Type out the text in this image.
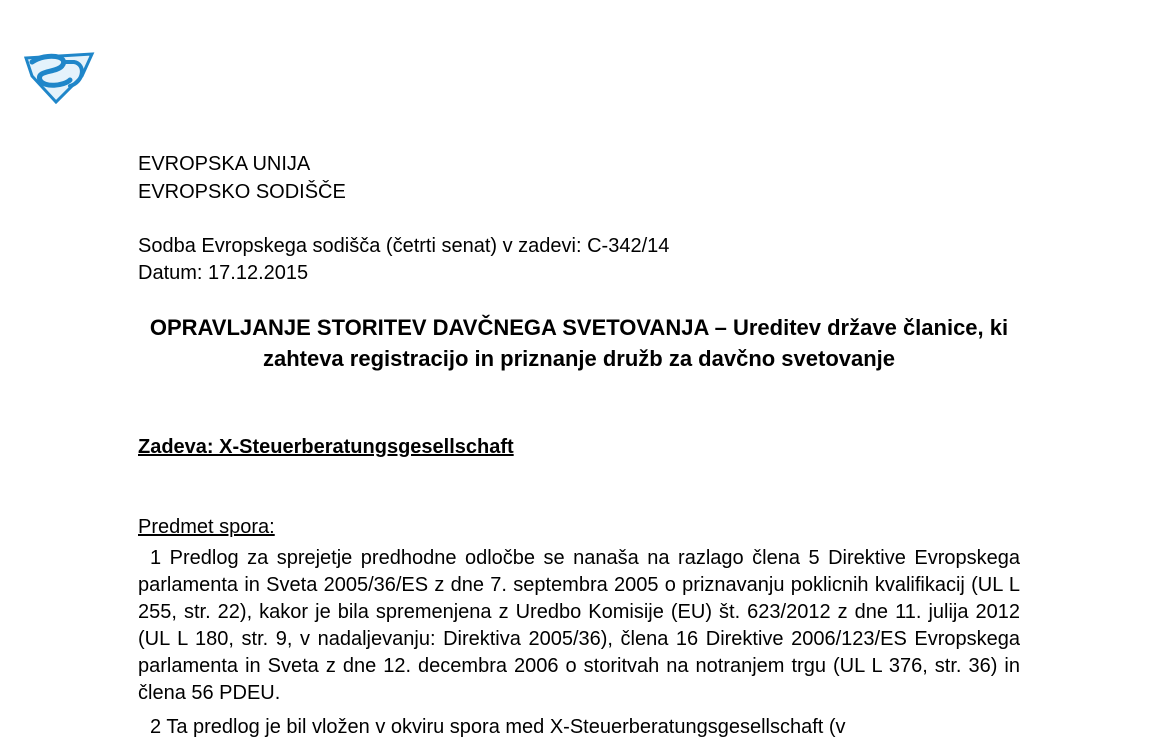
EVROPSKA UNIJA

EVROPSKO SODIŠČE

Sodba Evropskega sodišča (četrti senat) v zadevi: C-342/14

Datum: 17.12.2015

OPRAVLJANJE STORITEV DAVČNEGA SVETOVANJA – Ureditev države članice, ki zahteva registracijo in priznanje družb za davčno svetovanje

Zadeva: X-Steuerberatungsgesellschaft

Predmet spora:

1 Predlog za sprejetje predhodne odločbe se nanaša na razlago člena 5 Direktive Evropskega parlamenta in Sveta 2005/36/ES z dne 7. septembra 2005 o priznavanju poklicnih kvalifikacij (UL L 255, str. 22), kakor je bila spremenjena z Uredbo Komisije (EU) št. 623/2012 z dne 11. julija 2012 (UL L 180, str. 9, v nadaljevanju: Direktiva 2005/36), člena 16 Direktive 2006/123/ES Evropskega parlamenta in Sveta z dne 12. decembra 2006 o storitvah na notranjem trgu (UL L 376, str. 36) in člena 56 PDEU.

2 Ta predlog je bil vložen v okviru spora med X-Steuerberatungsgesellschaft (v
